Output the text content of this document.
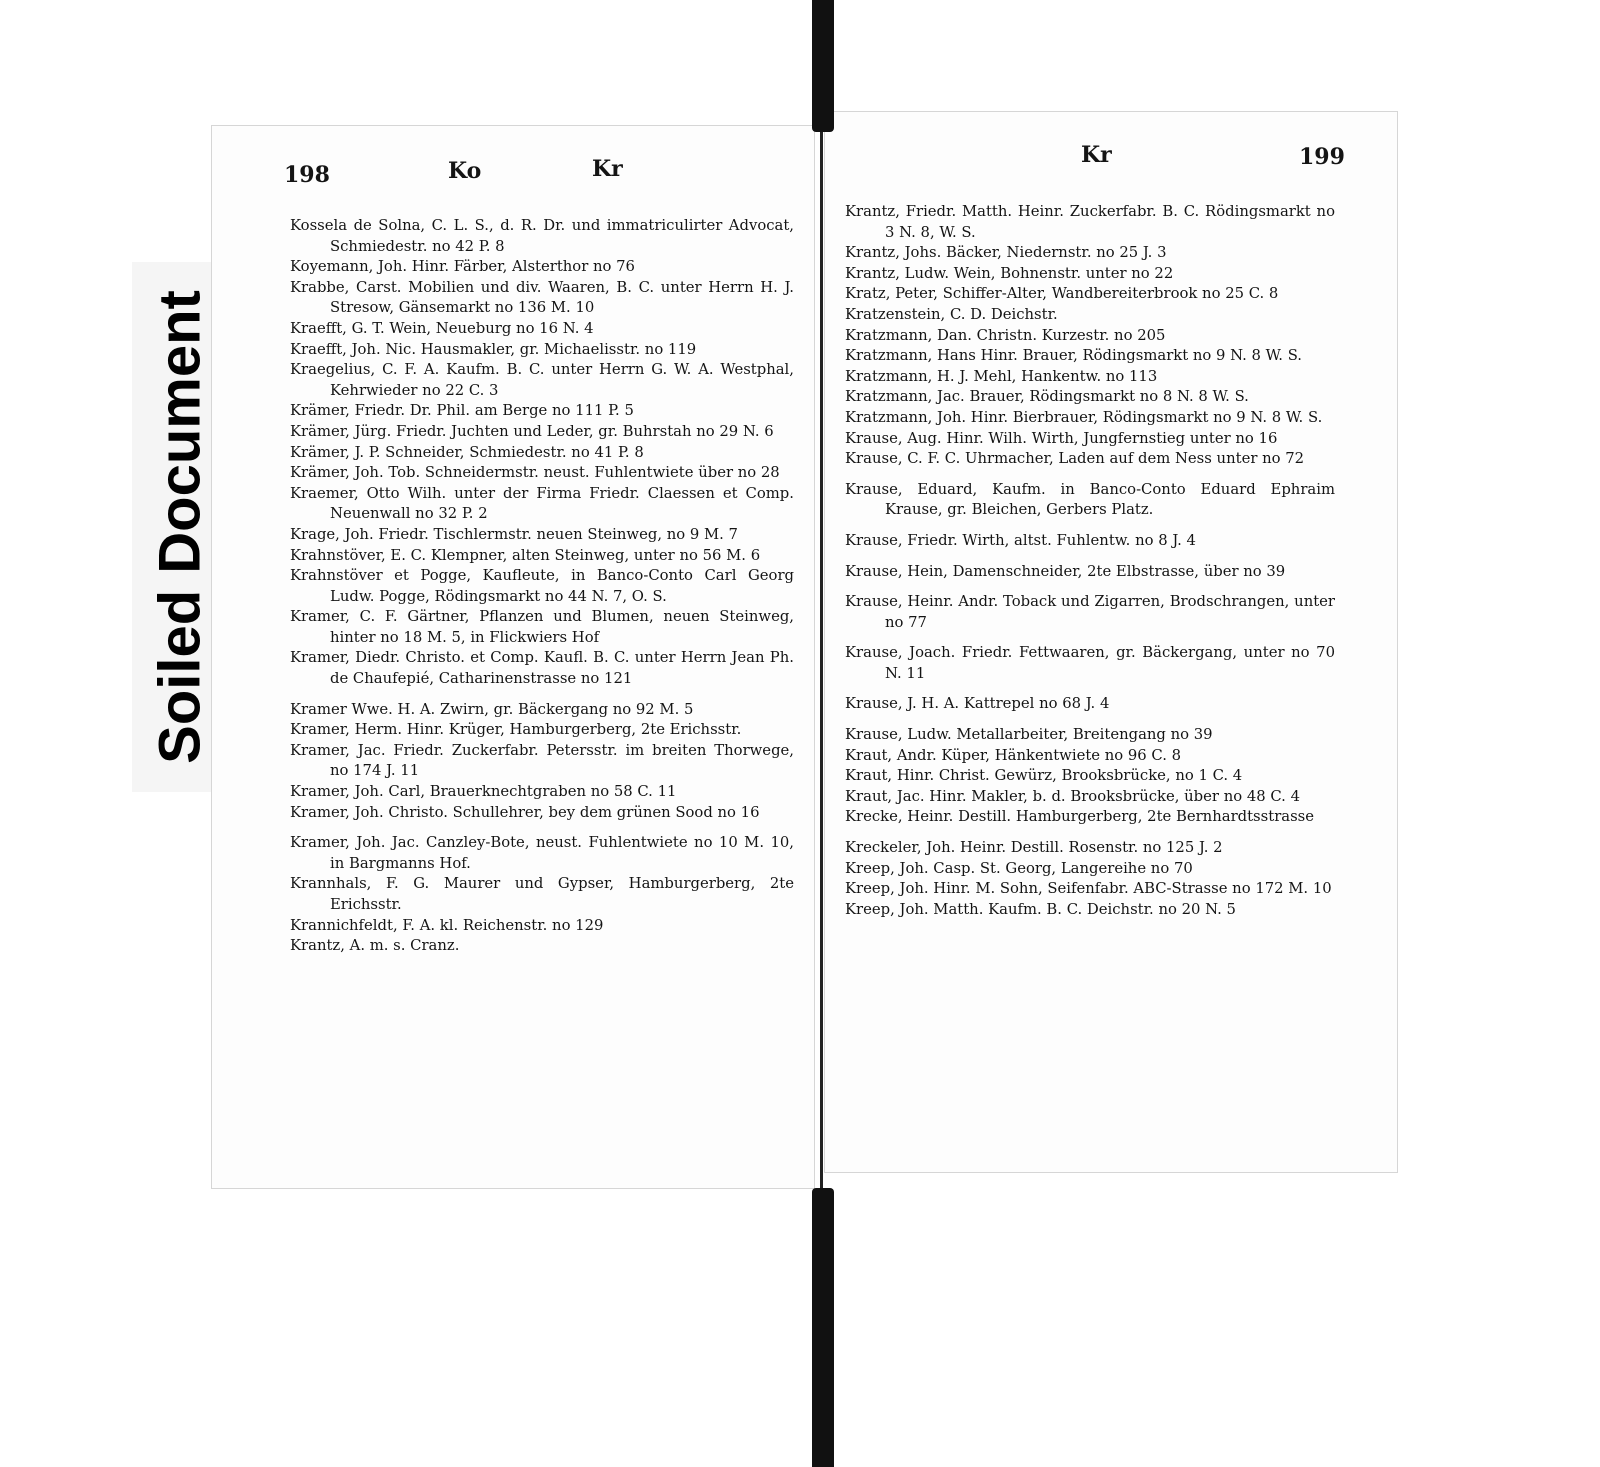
Soiled Document
198	Ko	Kr
Kossela de Solna, C. L. S., d. R. Dr. und immatriculirter Advocat, Schmiedestr. no 42 P. 8
Koyemann, Joh. Hinr. Färber, Alsterthor no 76
Krabbe, Carst. Mobilien und div. Waaren, B. C. unter Herrn H. J. Stresow, Gänsemarkt no 136 M. 10
Kraefft, G. T. Wein, Neueburg no 16 N. 4
Kraefft, Joh. Nic. Hausmakler, gr. Michaelisstr. no 119
Kraegelius, C. F. A. Kaufm. B. C. unter Herrn G. W. A. Westphal, Kehrwieder no 22 C. 3
Krämer, Friedr. Dr. Phil. am Berge no 111 P. 5
Krämer, Jürg. Friedr. Juchten und Leder, gr. Buhrstah no 29 N. 6
Krämer, J. P. Schneider, Schmiedestr. no 41 P. 8
Krämer, Joh. Tob. Schneidermstr. neust. Fuhlentwiete über no 28
Kraemer, Otto Wilh. unter der Firma Friedr. Claessen et Comp. Neuenwall no 32 P. 2
Krage, Joh. Friedr. Tischlermstr. neuen Steinweg, no 9 M. 7
Krahnstöver, E. C. Klempner, alten Steinweg, unter no 56 M. 6
Krahnstöver et Pogge, Kaufleute, in Banco-Conto Carl Georg Ludw. Pogge, Rödingsmarkt no 44 N. 7, O. S.
Kramer, C. F. Gärtner, Pflanzen und Blumen, neuen Steinweg, hinter no 18 M. 5, in Flickwiers Hof
Kramer, Diedr. Christo. et Comp. Kaufl. B. C. unter Herrn Jean Ph. de Chaufepié, Catharinenstrasse no 121
Kramer Wwe. H. A. Zwirn, gr. Bäckergang no 92 M. 5
Kramer, Herm. Hinr. Krüger, Hamburgerberg, 2te Erichsstr.
Kramer, Jac. Friedr. Zuckerfabr. Petersstr. im breiten Thorwege, no 174 J. 11
Kramer, Joh. Carl, Brauerknechtgraben no 58 C. 11
Kramer, Joh. Christo. Schullehrer, bey dem grünen Sood no 16
Kramer, Joh. Jac. Canzley-Bote, neust. Fuhlentwiete no 10 M. 10, in Bargmanns Hof.
Krannhals, F. G. Maurer und Gypser, Hamburgerberg, 2te Erichsstr.
Krannichfeldt, F. A. kl. Reichenstr. no 129
Krantz, A. m. s. Cranz.
Kr	199
Krantz, Friedr. Matth. Heinr. Zuckerfabr. B. C. Rödingsmarkt no 3 N. 8, W. S.
Krantz, Johs. Bäcker, Niedernstr. no 25 J. 3
Krantz, Ludw. Wein, Bohnenstr. unter no 22
Kratz, Peter, Schiffer-Alter, Wandbereiterbrook no 25 C. 8
Kratzenstein, C. D. Deichstr.
Kratzmann, Dan. Christn. Kurzestr. no 205
Kratzmann, Hans Hinr. Brauer, Rödingsmarkt no 9 N. 8 W. S.
Kratzmann, H. J. Mehl, Hankentw. no 113
Kratzmann, Jac. Brauer, Rödingsmarkt no 8 N. 8 W. S.
Kratzmann, Joh. Hinr. Bierbrauer, Rödingsmarkt no 9 N. 8 W. S.
Krause, Aug. Hinr. Wilh. Wirth, Jungfernstieg unter no 16
Krause, C. F. C. Uhrmacher, Laden auf dem Ness unter no 72
Krause, Eduard, Kaufm. in Banco-Conto Eduard Ephraim Krause, gr. Bleichen, Gerbers Platz.
Krause, Friedr. Wirth, altst. Fuhlentw. no 8 J. 4
Krause, Hein, Damenschneider, 2te Elbstrasse, über no 39
Krause, Heinr. Andr. Toback und Zigarren, Brodschrangen, unter no 77
Krause, Joach. Friedr. Fettwaaren, gr. Bäckergang, unter no 70 N. 11
Krause, J. H. A. Kattrepel no 68 J. 4
Krause, Ludw. Metallarbeiter, Breitengang no 39
Kraut, Andr. Küper, Hänkentwiete no 96 C. 8
Kraut, Hinr. Christ. Gewürz, Brooksbrücke, no 1 C. 4
Kraut, Jac. Hinr. Makler, b. d. Brooksbrücke, über no 48 C. 4
Krecke, Heinr. Destill. Hamburgerberg, 2te Bernhardtsstrasse
Kreckeler, Joh. Heinr. Destill. Rosenstr. no 125 J. 2
Kreep, Joh. Casp. St. Georg, Langereihe no 70
Kreep, Joh. Hinr. M. Sohn, Seifenfabr. ABC-Strasse no 172 M. 10
Kreep, Joh. Matth. Kaufm. B. C. Deichstr. no 20 N. 5
